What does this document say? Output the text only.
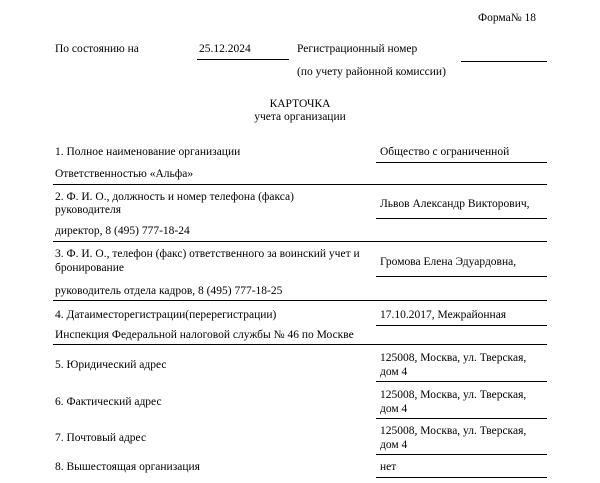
Форма№ 18
По состоянию на	25.12.2024	Регистрационный номер
(по учету районной комиссии)
КАРТОЧКА
учета организации
1. Полное наименование организации	Общество с ограниченной
Ответственностью «Альфа»
2. Ф. И. О., должность и номер телефона (факса)
руководителя	Львов Александр Викторович,
директор, 8 (495) 777-18-24
3. Ф. И. О., телефон (факс) ответственного за воинский учет и
бронирование	Громова Елена Эдуардовна,
руководитель отдела кадров, 8 (495) 777-18-25
4. Датаиместорегистрации(перерегистрации)	17.10.2017, Межрайонная
Инспекция Федеральной налоговой службы № 46 по Москве
5. Юридический адрес
125008, Москва, ул. Тверская,
дом 4
6. Фактический адрес
125008, Москва, ул. Тверская,
дом 4
7. Почтовый адрес
125008, Москва, ул. Тверская,
дом 4
8. Вышестоящая организация	нет
